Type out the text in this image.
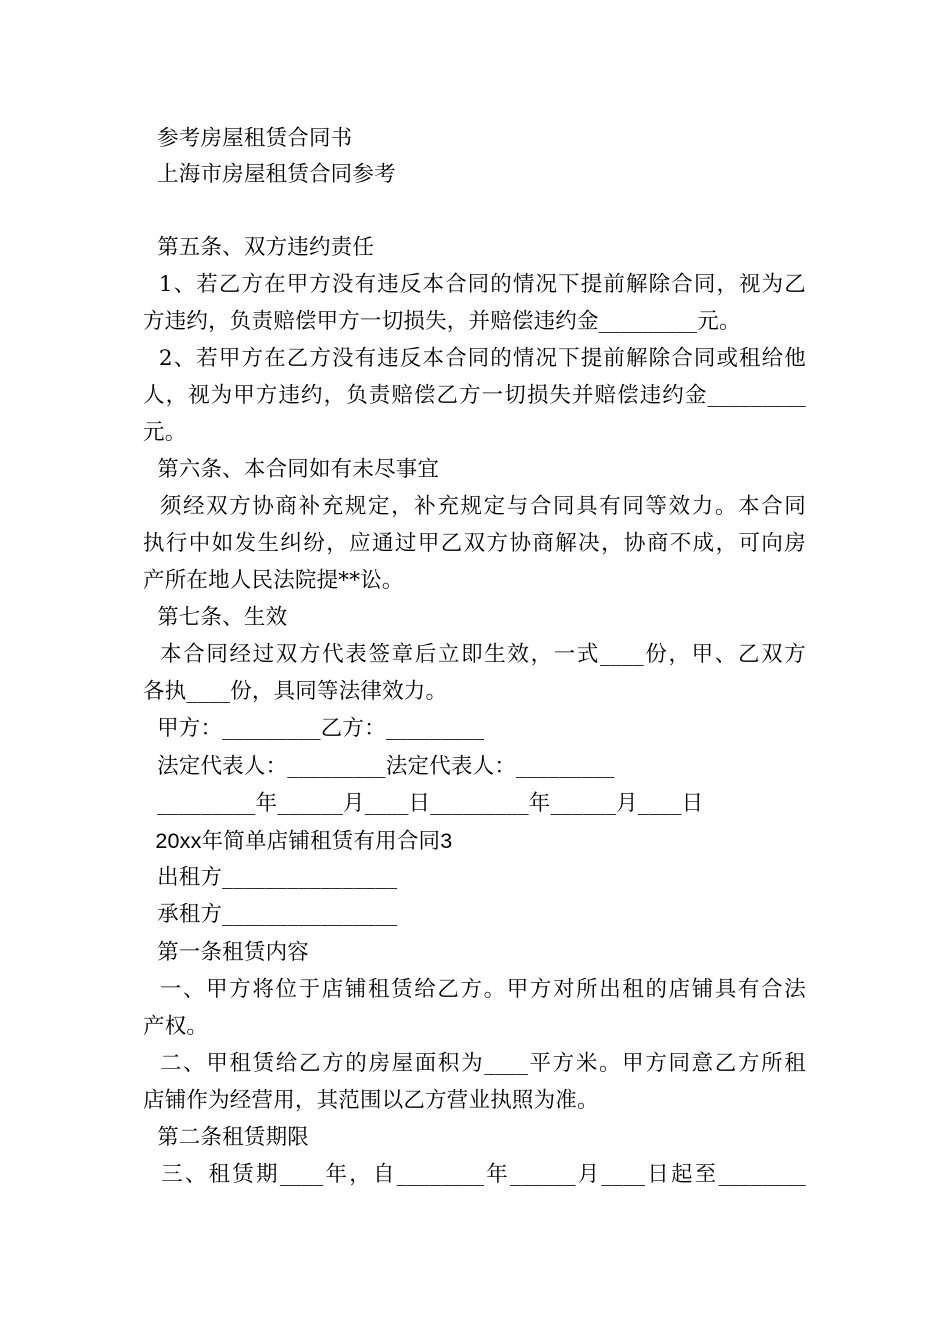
参考房屋租赁合同书
上海市房屋租赁合同参考
第五条、双方违约责任
1、若乙方在甲方没有违反本合同的情况下提前解除合同，视为乙
方违约，负责赔偿甲方一切损失，并赔偿违约金_________元。
2、若甲方在乙方没有违反本合同的情况下提前解除合同或租给他
人，视为甲方违约，负责赔偿乙方一切损失并赔偿违约金_________
元。
第六条、本合同如有未尽事宜
须经双方协商补充规定，补充规定与合同具有同等效力。本合同
执行中如发生纠纷，应通过甲乙双方协商解决，协商不成，可向房
产所在地人民法院提**讼。
第七条、生效
本合同经过双方代表签章后立即生效，一式____份，甲、乙双方
各执____份，具同等法律效力。
甲方：_________乙方：_________
法定代表人：_________法定代表人：_________
_________年______月____日_________年______月____日
20xx年简单店铺租赁有用合同3
出租方________________
承租方________________
第一条租赁内容
一、甲方将位于店铺租赁给乙方。甲方对所出租的店铺具有合法
产权。
二、甲租赁给乙方的房屋面积为____平方米。甲方同意乙方所租
店铺作为经营用，其范围以乙方营业执照为准。
第二条租赁期限
三、租赁期____年，自________年______月____日起至________
